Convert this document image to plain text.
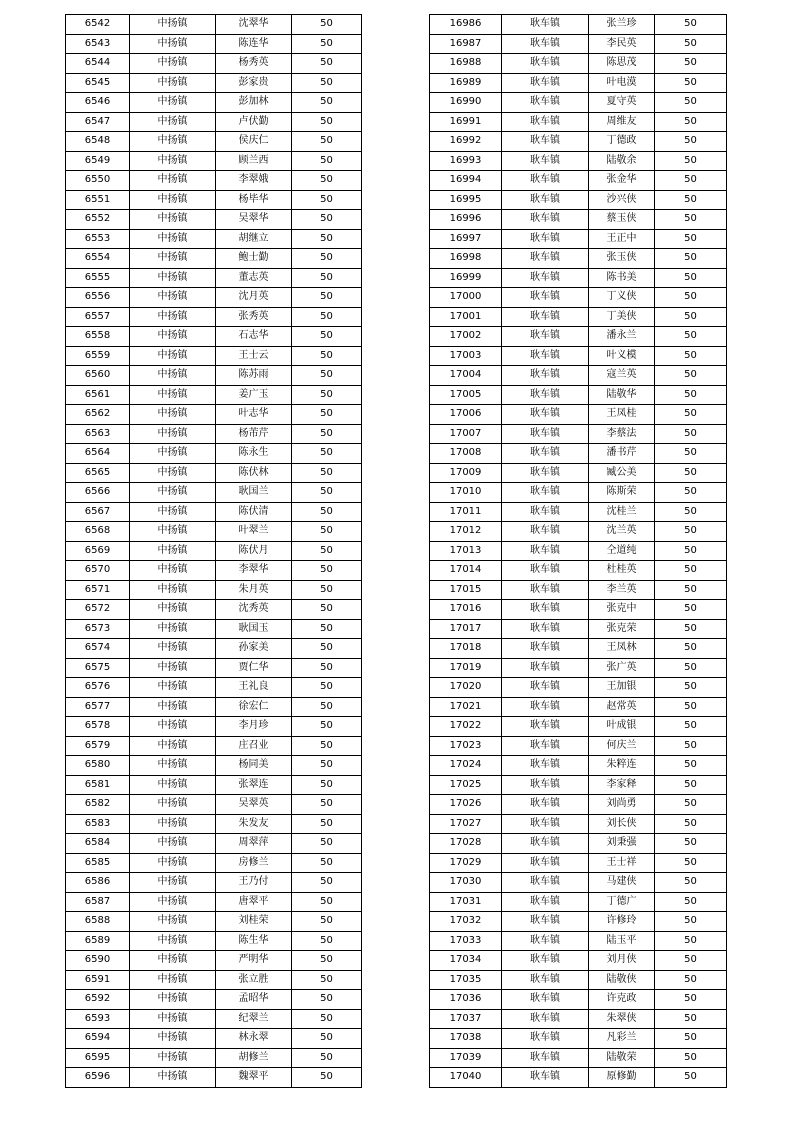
6542	中扬镇	沈翠华	50
6543	中扬镇	陈连华	50
6544	中扬镇	杨秀英	50
6545	中扬镇	彭家贵	50
6546	中扬镇	彭加林	50
6547	中扬镇	卢伏勤	50
6548	中扬镇	侯庆仁	50
6549	中扬镇	顾兰西	50
6550	中扬镇	李翠娥	50
6551	中扬镇	杨毕华	50
6552	中扬镇	吴翠华	50
6553	中扬镇	胡继立	50
6554	中扬镇	鲍士勤	50
6555	中扬镇	董志英	50
6556	中扬镇	沈月英	50
6557	中扬镇	张秀英	50
6558	中扬镇	石志华	50
6559	中扬镇	王士云	50
6560	中扬镇	陈苏雨	50
6561	中扬镇	姜广玉	50
6562	中扬镇	叶志华	50
6563	中扬镇	杨芾芹	50
6564	中扬镇	陈永生	50
6565	中扬镇	陈伏林	50
6566	中扬镇	耿国兰	50
6567	中扬镇	陈伏清	50
6568	中扬镇	叶翠兰	50
6569	中扬镇	陈伏月	50
6570	中扬镇	李翠华	50
6571	中扬镇	朱月英	50
6572	中扬镇	沈秀英	50
6573	中扬镇	耿国玉	50
6574	中扬镇	孙家美	50
6575	中扬镇	贾仁华	50
6576	中扬镇	王礼良	50
6577	中扬镇	徐宏仁	50
6578	中扬镇	李月珍	50
6579	中扬镇	庄召业	50
6580	中扬镇	杨同美	50
6581	中扬镇	张翠连	50
6582	中扬镇	吴翠英	50
6583	中扬镇	朱发友	50
6584	中扬镇	周翠萍	50
6585	中扬镇	房修兰	50
6586	中扬镇	王乃付	50
6587	中扬镇	唐翠平	50
6588	中扬镇	刘桂荣	50
6589	中扬镇	陈生华	50
6590	中扬镇	严明华	50
6591	中扬镇	张立胜	50
6592	中扬镇	孟昭华	50
6593	中扬镇	纪翠兰	50
6594	中扬镇	林永翠	50
6595	中扬镇	胡修兰	50
6596	中扬镇	魏翠平	50
16986	耿车镇	张兰珍	50
16987	耿车镇	李民英	50
16988	耿车镇	陈思茂	50
16989	耿车镇	叶电漠	50
16990	耿车镇	夏守英	50
16991	耿车镇	周维友	50
16992	耿车镇	丁德政	50
16993	耿车镇	陆敬余	50
16994	耿车镇	张金华	50
16995	耿车镇	沙兴侠	50
16996	耿车镇	蔡玉侠	50
16997	耿车镇	王正中	50
16998	耿车镇	张玉侠	50
16999	耿车镇	陈书美	50
17000	耿车镇	丁义侠	50
17001	耿车镇	丁美侠	50
17002	耿车镇	潘永兰	50
17003	耿车镇	叶义模	50
17004	耿车镇	寇兰英	50
17005	耿车镇	陆敬华	50
17006	耿车镇	王凤桂	50
17007	耿车镇	李蔡法	50
17008	耿车镇	潘书芹	50
17009	耿车镇	臧公美	50
17010	耿车镇	陈斯荣	50
17011	耿车镇	沈桂兰	50
17012	耿车镇	沈兰英	50
17013	耿车镇	仝道纯	50
17014	耿车镇	杜桂英	50
17015	耿车镇	李兰英	50
17016	耿车镇	张克中	50
17017	耿车镇	张克荣	50
17018	耿车镇	王凤林	50
17019	耿车镇	张广英	50
17020	耿车镇	王加银	50
17021	耿车镇	赵常英	50
17022	耿车镇	叶成银	50
17023	耿车镇	何庆兰	50
17024	耿车镇	朱粹连	50
17025	耿车镇	李家释	50
17026	耿车镇	刘尚勇	50
17027	耿车镇	刘长侠	50
17028	耿车镇	刘秉强	50
17029	耿车镇	王士祥	50
17030	耿车镇	马建侠	50
17031	耿车镇	丁德广	50
17032	耿车镇	许修玲	50
17033	耿车镇	陆玉平	50
17034	耿车镇	刘月侠	50
17035	耿车镇	陆敬侠	50
17036	耿车镇	许克政	50
17037	耿车镇	朱翠侠	50
17038	耿车镇	凡彩兰	50
17039	耿车镇	陆敬荣	50
17040	耿车镇	原修勤	50
